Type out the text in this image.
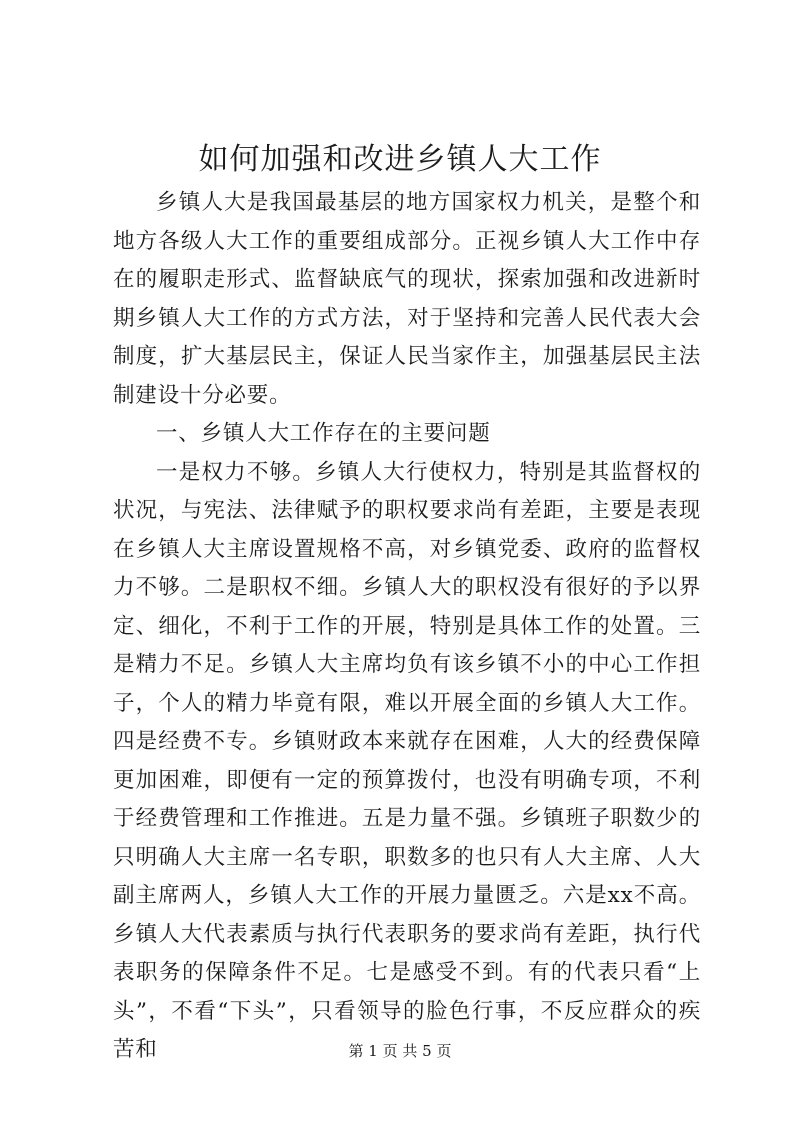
如何加强和改进乡镇人大工作

乡镇人大是我国最基层的地方国家权力机关，是整个和地方各级人大工作的重要组成部分。正视乡镇人大工作中存在的履职走形式、监督缺底气的现状，探索加强和改进新时期乡镇人大工作的方式方法，对于坚持和完善人民代表大会制度，扩大基层民主，保证人民当家作主，加强基层民主法制建设十分必要。

一、乡镇人大工作存在的主要问题

一是权力不够。乡镇人大行使权力，特别是其监督权的状况，与宪法、法律赋予的职权要求尚有差距，主要是表现在乡镇人大主席设置规格不高，对乡镇党委、政府的监督权力不够。二是职权不细。乡镇人大的职权没有很好的予以界定、细化，不利于工作的开展，特别是具体工作的处置。三是精力不足。乡镇人大主席均负有该乡镇不小的中心工作担子，个人的精力毕竟有限，难以开展全面的乡镇人大工作。四是经费不专。乡镇财政本来就存在困难，人大的经费保障更加困难，即便有一定的预算拨付，也没有明确专项，不利于经费管理和工作推进。五是力量不强。乡镇班子职数少的只明确人大主席一名专职，职数多的也只有人大主席、人大副主席两人，乡镇人大工作的开展力量匮乏。六是xx不高。乡镇人大代表素质与执行代表职务的要求尚有差距，执行代表职务的保障条件不足。七是感受不到。有的代表只看“上头”，不看“下头”，只看领导的脸色行事，不反应群众的疾苦和	第 1 页 共 5 页
